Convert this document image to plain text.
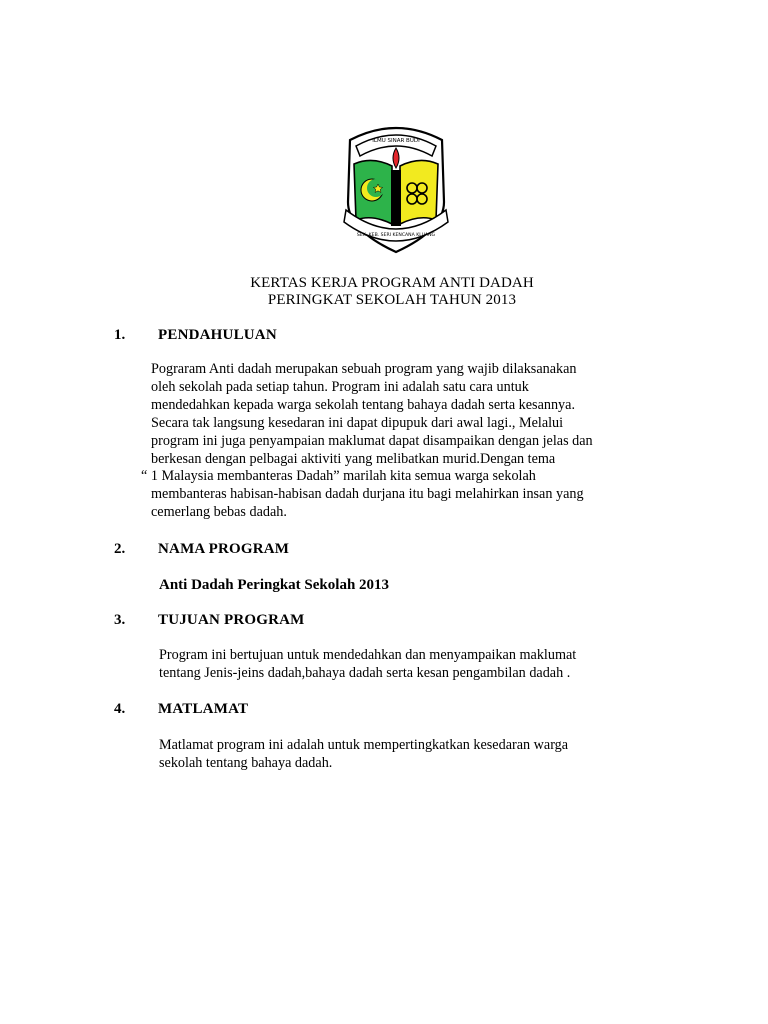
ILMU SINAR BUDI
SEK. KEB. SERI KENCANA KLUANG
KERTAS KERJA PROGRAM ANTI DADAH
PERINGKAT SEKOLAH TAHUN 2013
1. PENDAHULUAN
Pograram Anti dadah merupakan sebuah program yang wajib dilaksanakan
oleh sekolah pada setiap tahun. Program ini adalah satu cara untuk
mendedahkan kepada warga sekolah tentang bahaya dadah serta kesannya.
Secara tak langsung kesedaran ini dapat dipupuk dari awal lagi., Melalui
program ini juga penyampaian maklumat dapat disampaikan dengan jelas dan
berkesan dengan pelbagai aktiviti yang melibatkan murid.Dengan tema
“ 1 Malaysia membanteras Dadah” marilah kita semua warga sekolah
membanteras habisan-habisan dadah durjana itu bagi melahirkan insan yang
cemerlang bebas dadah.
2. NAMA PROGRAM
Anti Dadah Peringkat Sekolah 2013
3. TUJUAN PROGRAM
Program ini bertujuan untuk mendedahkan dan menyampaikan maklumat
tentang Jenis-jeins dadah,bahaya dadah serta kesan pengambilan dadah .
4. MATLAMAT
Matlamat program ini adalah untuk mempertingkatkan kesedaran warga
sekolah tentang bahaya dadah.
